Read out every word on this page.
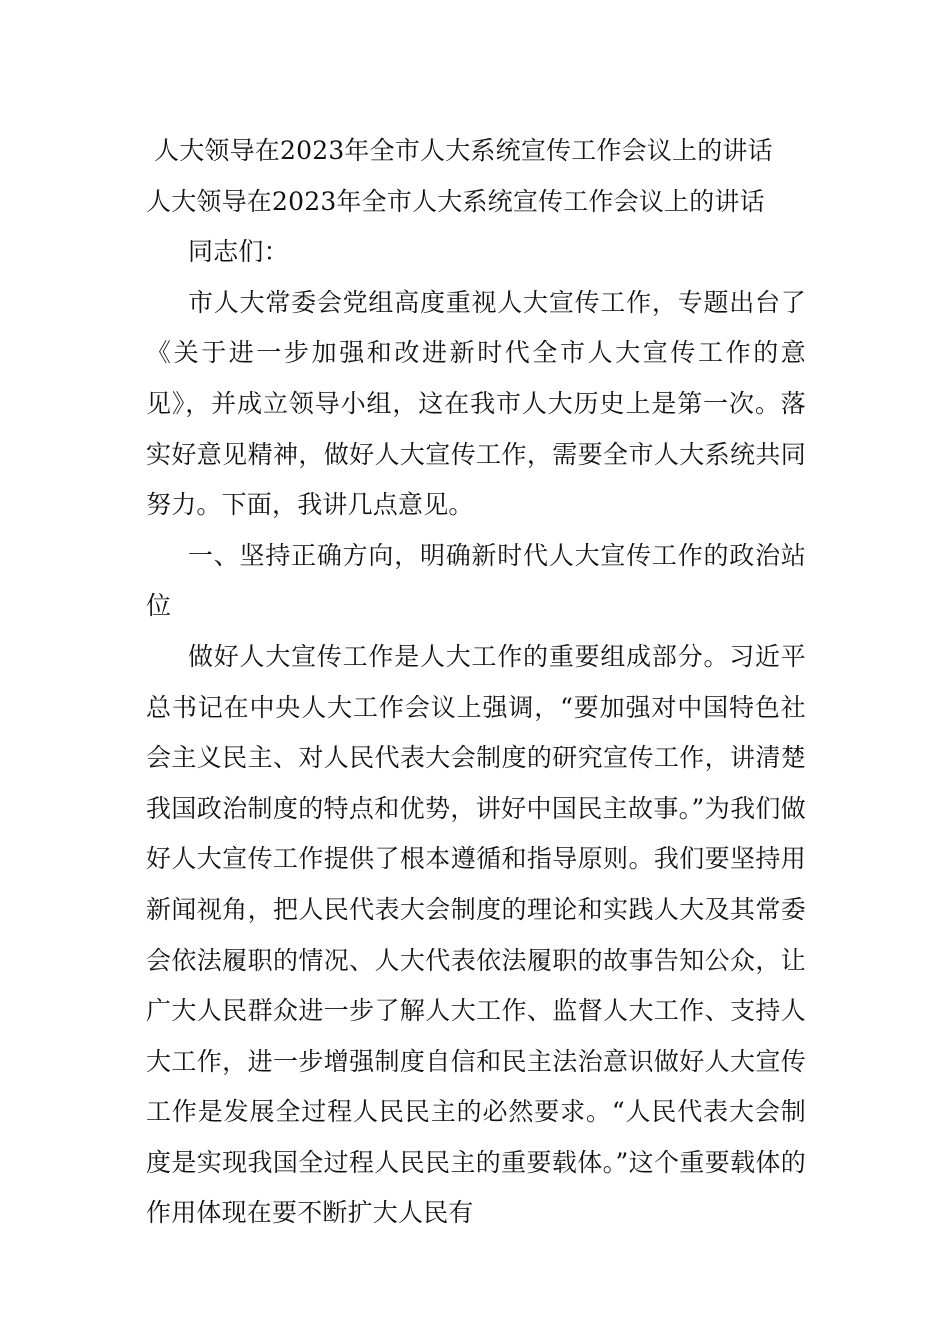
人大领导在2023年全市人大系统宣传工作会议上的讲话
人大领导在2023年全市人大系统宣传工作会议上的讲话

同志们：

市人大常委会党组高度重视人大宣传工作，专题出台了《关于进一步加强和改进新时代全市人大宣传工作的意见》，并成立领导小组，这在我市人大历史上是第一次。落实好意见精神，做好人大宣传工作，需要全市人大系统共同努力。下面，我讲几点意见。

一、坚持正确方向，明确新时代人大宣传工作的政治站位

做好人大宣传工作是人大工作的重要组成部分。习近平总书记在中央人大工作会议上强调，“要加强对中国特色社会主义民主、对人民代表大会制度的研究宣传工作，讲清楚我国政治制度的特点和优势，讲好中国民主故事。”为我们做好人大宣传工作提供了根本遵循和指导原则。我们要坚持用新闻视角，把人民代表大会制度的理论和实践人大及其常委会依法履职的情况、人大代表依法履职的故事告知公众，让广大人民群众进一步了解人大工作、监督人大工作、支持人大工作，进一步增强制度自信和民主法治意识做好人大宣传工作是发展全过程人民民主的必然要求。“人民代表大会制度是实现我国全过程人民民主的重要载体。”这个重要载体的作用体现在要不断扩大人民有
